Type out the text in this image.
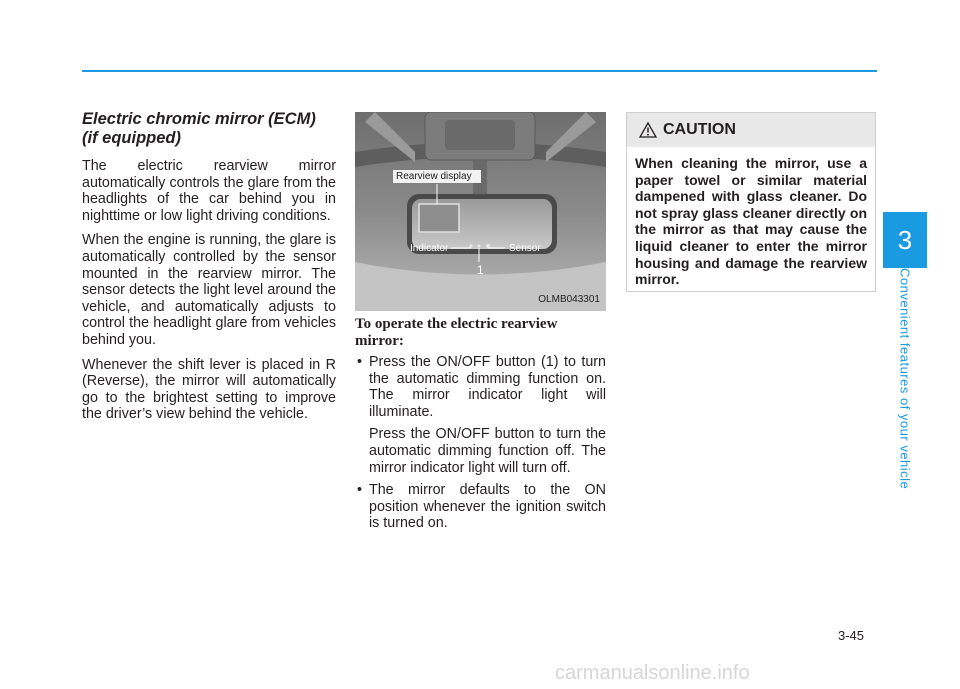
3
Convenient features of your vehicle
Electric chromic mirror (ECM)
(if equipped)

The electric rearview mirror automatically controls the glare from the headlights of the car behind you in nighttime or low light driving conditions.

When the engine is running, the glare is automatically controlled by the sensor mounted in the rearview mirror. The sensor detects the light level around the vehicle, and automatically adjusts to control the headlight glare from vehicles behind you.

Whenever the shift lever is placed in R (Reverse), the mirror will automatically go to the brightest setting to improve the driver’s view behind the vehicle.

Rearview display
Indicator	Sensor
1
OLMB043301
To operate the electric rearview mirror:
• Press the ON/OFF button (1) to turn the automatic dimming function on. The mirror indicator light will illuminate.

Press the ON/OFF button to turn the automatic dimming function off. The mirror indicator light will turn off.

• The mirror defaults to the ON position whenever the ignition switch is turned on.

CAUTION
When cleaning the mirror, use a paper towel or similar material dampened with glass cleaner. Do not spray glass cleaner directly on the mirror as that may cause the liquid cleaner to enter the mirror housing and damage the rearview mirror.
3-45
carmanualsonline.info
